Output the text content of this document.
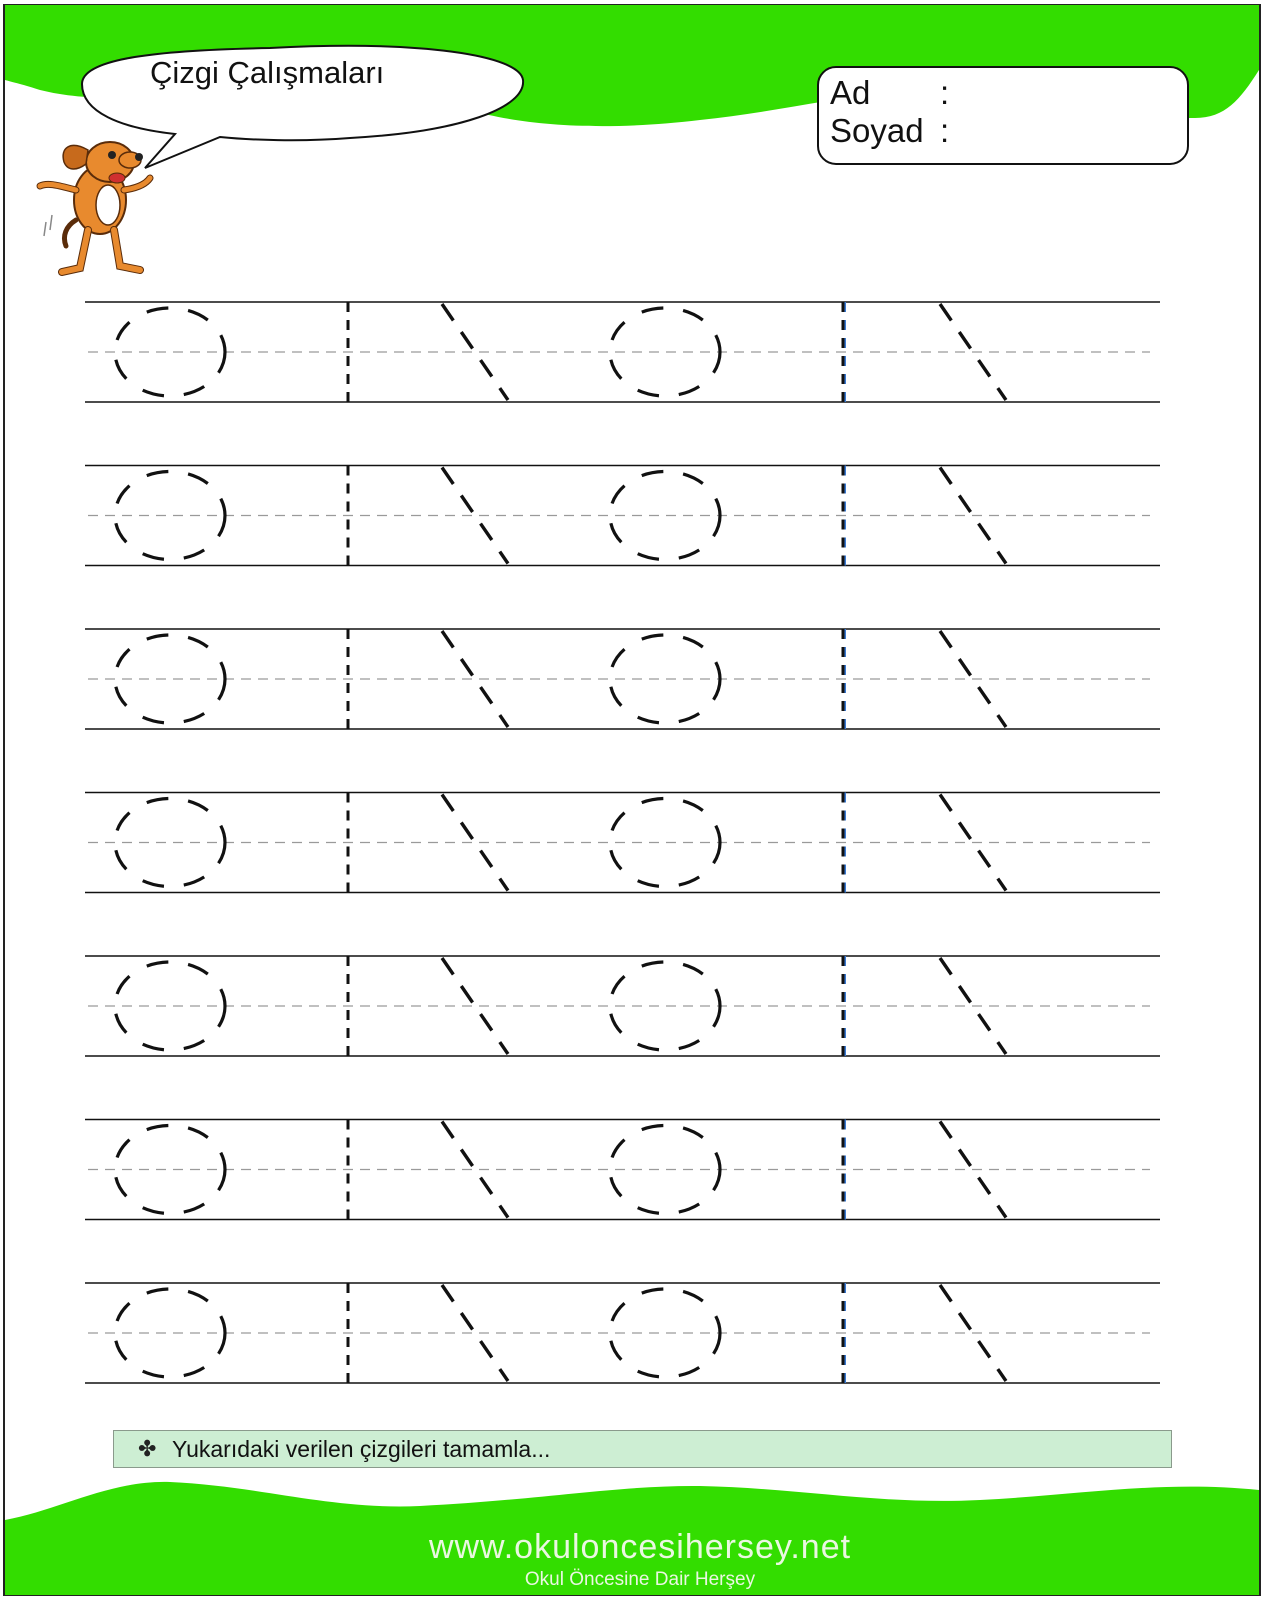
Çizgi Çalışmaları
Ad :
Soyad :
✤ Yukarıdaki verilen çizgileri tamamla...
www.okuloncesihersey.net
Okul Öncesine Dair Herşey
